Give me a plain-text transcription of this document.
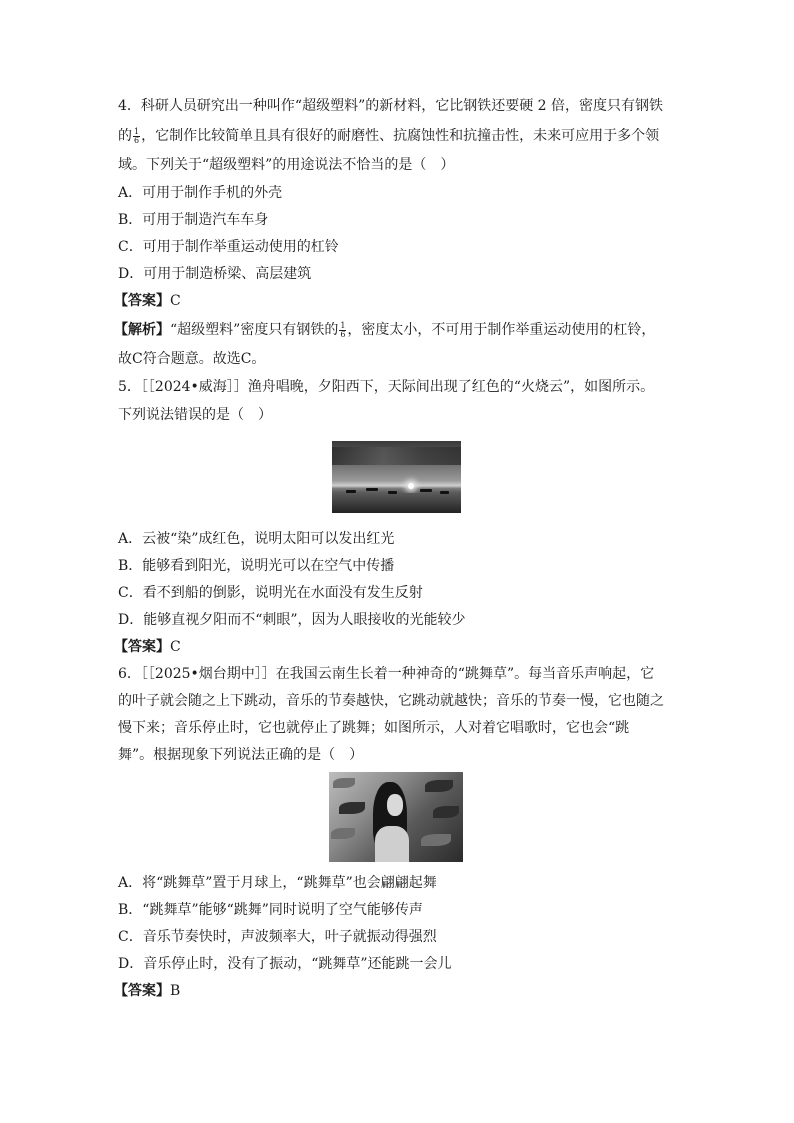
4．科研人员研究出一种叫作“超级塑料”的新材料，它比钢铁还要硬 2 倍，密度只有钢铁
的 $\frac{1}{6}$ ，它制作比较简单且具有很好的耐磨性、抗腐蚀性和抗撞击性，未来可应用于多个领
域。下列关于“超级塑料”的用途说法不恰当的是（　）
A．可用于制作手机的外壳
B．可用于制造汽车车身
C．可用于制作举重运动使用的杠铃
D．可用于制造桥梁、高层建筑
【答案】C
【解析】“超级塑料”密度只有钢铁的 $\frac{1}{6}$ ，密度太小，不可用于制作举重运动使用的杠铃，
故C符合题意。故选C。
5．［［2024•威海］］渔舟唱晚，夕阳西下，天际间出现了红色的“火烧云”，如图所示。
下列说法错误的是（　）
A．云被“染”成红色，说明太阳可以发出红光
B．能够看到阳光，说明光可以在空气中传播
C．看不到船的倒影，说明光在水面没有发生反射
D．能够直视夕阳而不“刺眼”，因为人眼接收的光能较少
【答案】C
6．［［2025•烟台期中］］在我国云南生长着一种神奇的“跳舞草”。每当音乐声响起，它
的叶子就会随之上下跳动，音乐的节奏越快，它跳动就越快；音乐的节奏一慢，它也随之
慢下来；音乐停止时，它也就停止了跳舞；如图所示，人对着它唱歌时，它也会“跳
舞”。根据现象下列说法正确的是（　）
A．将“跳舞草”置于月球上，“跳舞草”也会翩翩起舞
B．“跳舞草”能够“跳舞”同时说明了空气能够传声
C．音乐节奏快时，声波频率大，叶子就振动得强烈
D．音乐停止时，没有了振动，“跳舞草”还能跳一会儿
【答案】B
